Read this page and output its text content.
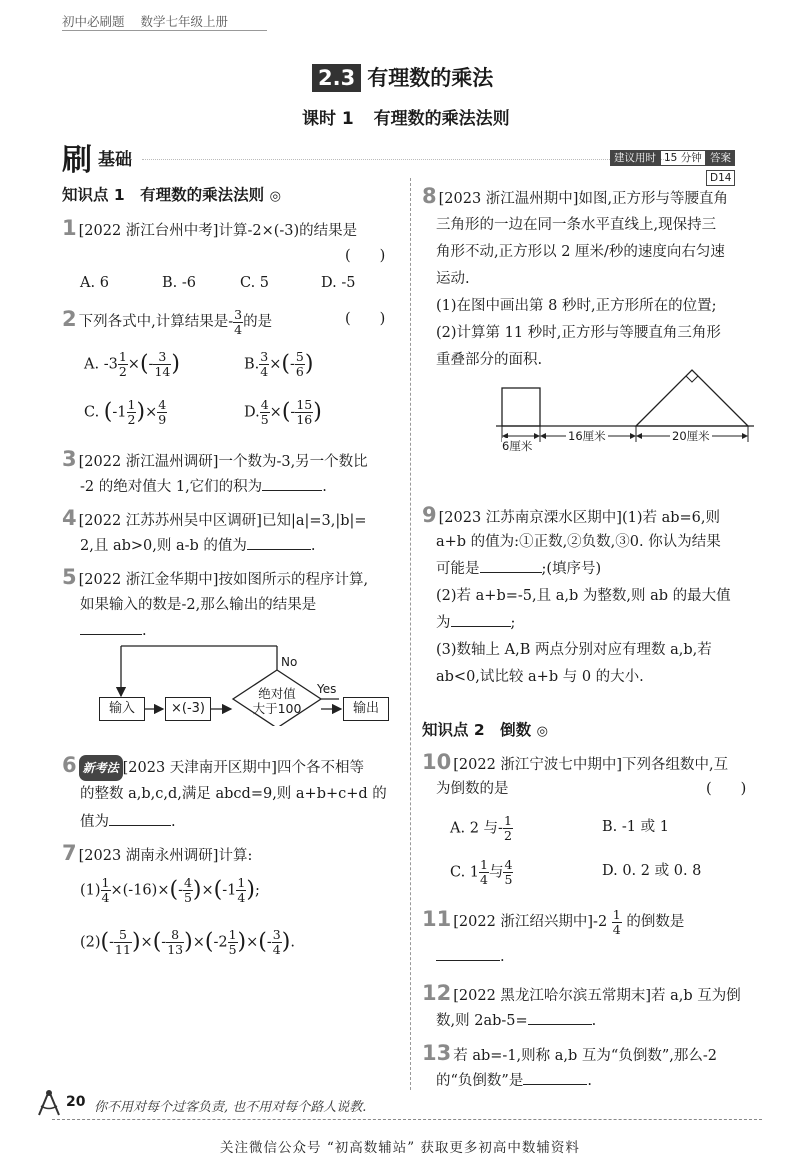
初中必刷题 数学七年级上册
2.3 有理数的乘法
课时 1 有理数的乘法法则
刷 基础	建议用时 15 分钟 答案D14
知识点 1　有理数的乘法法则 ◎
1 [2022 浙江台州中考]计算-2×(-3)的结果是
(　　)
A. 6	B. -6	C. 5	D. -5
2 下列各式中,计算结果是- $\frac{3}{4}$ 的是	(　　)
A. $-3 \frac{1}{2}$ ×(- $\frac{3}{14}$ )	B. $\frac{3}{4}$ ×(- $\frac{5}{6}$ )
C. ($-1 \frac{1}{2}$ )× $\frac{4}{9}$	D. $\frac{4}{5}$ ×(- $\frac{15}{16}$ )
3 [2022 浙江温州调研]一个数为-3,另一个数比
-2 的绝对值大 1,它们的积为	.
4 [2022 江苏苏州吴中区调研]已知|a|=3,|b|=
2,且 ab>0,则 a-b 的值为	.
5 [2022 浙江金华期中]按如图所示的程序计算,
如果输入的数是-2,那么输出的结果是
.
输入	×(-3)
绝对值
大于100	输出
Yes
No
6 新考法 [2023 天津南开区期中]四个各不相等
的整数 a,b,c,d,满足 abcd=9,则 a+b+c+d 的
值为	.
7 [2023 湖南永州调研]计算:
$(1) \frac{1}{4} \times(-16)\times(- \frac{4}{5} )\times(-1 \frac{1}{4}$ );
$(2)(- \frac{5}{11}$ )×(- $\frac{8}{13} )\times(-2 \frac{1}{5}$ )×(- $\frac{3}{4}$ ).
8 [2023 浙江温州期中]如图,正方形与等腰直角
三角形的一边在同一条水平直线上,现保持三
角形不动,正方形以 2 厘米/秒的速度向右匀速
运动.
(1)在图中画出第 8 秒时,正方形所在的位置;
(2)计算第 11 秒时,正方形与等腰直角三角形
重叠部分的面积.
6厘米
16厘米	20厘米
9 [2023 江苏南京溧水区期中](1)若 ab=6,则
a+b 的值为:①正数,②负数,③0. 你认为结果
可能是	;(填序号)
(2)若 a+b=-5,且 a,b 为整数,则 ab 的最大值
为	;
(3)数轴上 A,B 两点分别对应有理数 a,b,若
ab<0,试比较 a+b 与 0 的大小.
知识点 2　倒数 ◎
10 [2022 浙江宁波七中期中]下列各组数中,互
为倒数的是	(　　)
A. 2 与- $\frac{1}{2}$	B. -1 或 1
C. $1 \frac{1}{4}$ 与 $\frac{4}{5}$	D. 0. 2 或 0. 8
11 [2022 浙江绍兴期中]$-2 \frac{1}{4}$ 的倒数是
.
12 [2022 黑龙江哈尔滨五常期末]若 a,b 互为倒
数,则 2ab-5=	.
13 若 ab=-1,则称 a,b 互为“负倒数”,那么-2
的“负倒数”是	.
20 你不用对每个过客负责, 也不用对每个路人说教.
关注微信公众号 “初高数辅站” 获取更多初高中数辅资料
